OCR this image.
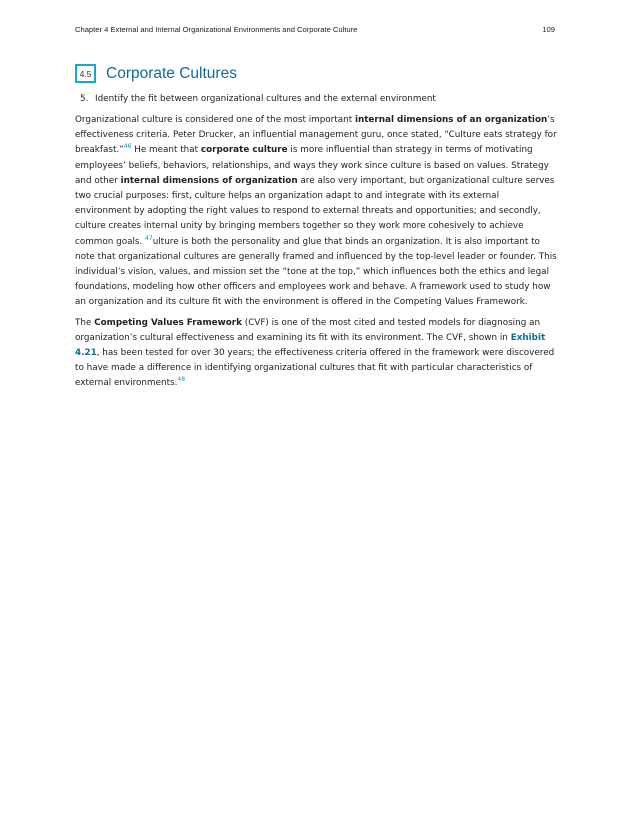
Chapter 4 External and Internal Organizational Environments and Corporate Culture	109
4.5 Corporate Cultures
5. Identify the fit between organizational cultures and the external environment

Organizational culture is considered one of the most important internal dimensions of an organization’s effectiveness criteria. Peter Drucker, an influential management guru, once stated, “Culture eats strategy for breakfast.”$^{46}$ He meant that corporate culture is more influential than strategy in terms of motivating employees’ beliefs, behaviors, relationships, and ways they work since culture is based on values. Strategy and other internal dimensions of organization are also very important, but organizational culture serves two crucial purposes: first, culture helps an organization adapt to and integrate with its external environment by adopting the right values to respond to external threats and opportunities; and secondly, culture creates internal unity by bringing members together so they work more cohesively to achieve common goals. $^{47}$ulture is both the personality and glue that binds an organization. It is also important to note that organizational cultures are generally framed and influenced by the top-level leader or founder. This individual’s vision, values, and mission set the “tone at the top,” which influences both the ethics and legal foundations, modeling how other officers and employees work and behave. A framework used to study how an organization and its culture fit with the environment is offered in the Competing Values Framework.

The Competing Values Framework (CVF) is one of the most cited and tested models for diagnosing an organization’s cultural effectiveness and examining its fit with its environment. The CVF, shown in Exhibit 4.21, has been tested for over 30 years; the effectiveness criteria offered in the framework were discovered to have made a difference in identifying organizational cultures that fit with particular characteristics of external environments.$^{48}$
